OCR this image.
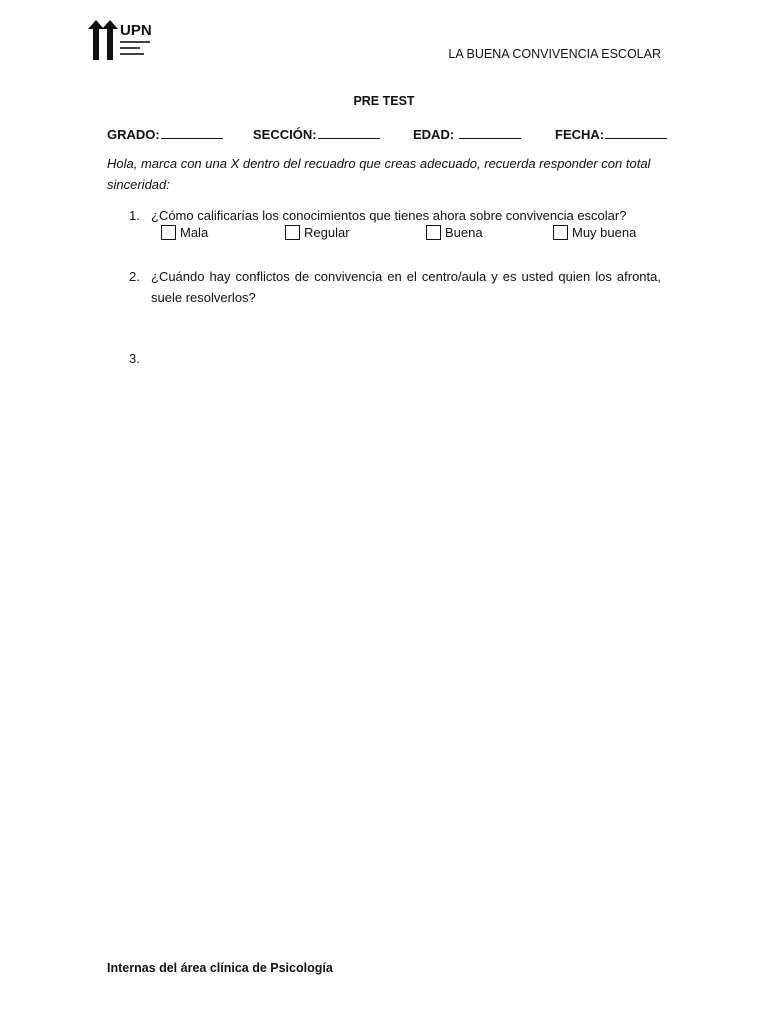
UPN
LA BUENA CONVIVENCIA ESCOLAR
PRE TEST
GRADO:	SECCIÓN:	EDAD:	FECHA:
Hola, marca con una X dentro del recuadro que creas adecuado, recuerda responder con total sinceridad:
1. ¿Cómo calificarías los conocimientos que tienes ahora sobre convivencia escolar?
Mala	Regular	Buena	Muy buena
2. ¿Cuándo hay conflictos de convivencia en el centro/aula y es usted quien los afronta, suele resolverlos?
3.
Internas del área clínica de Psicología
